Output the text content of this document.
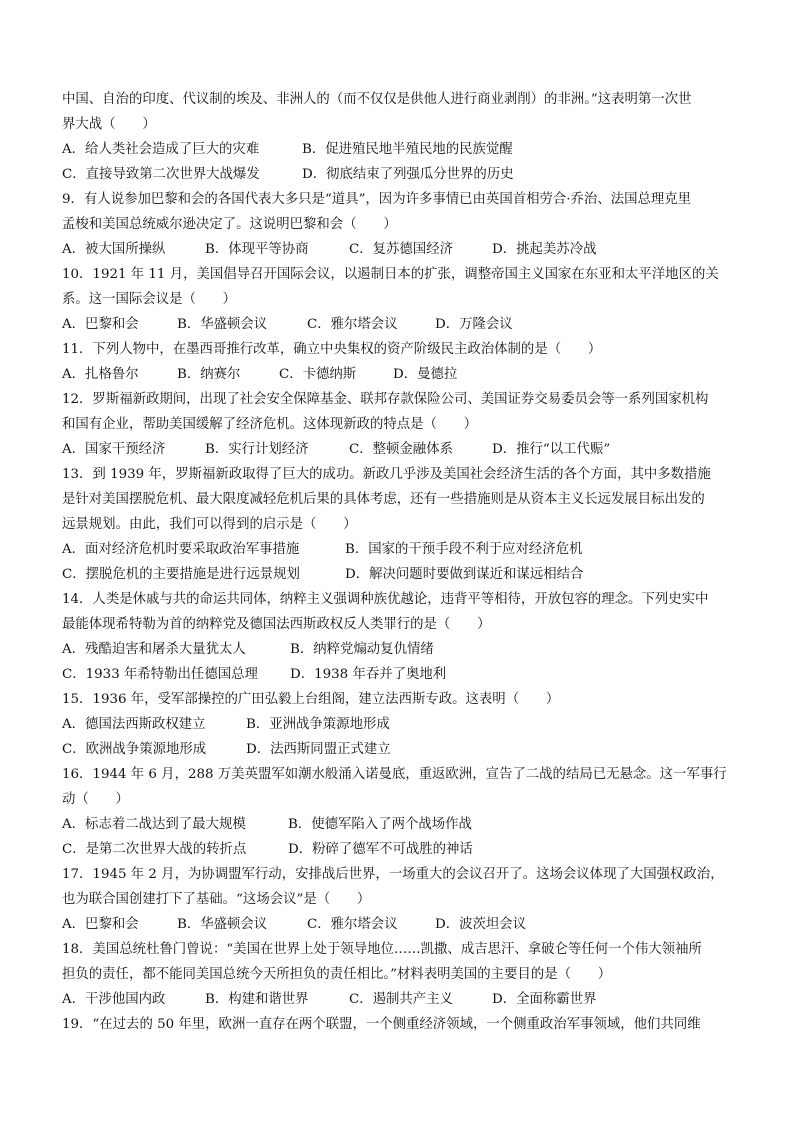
中国、自治的印度、代议制的埃及、非洲人的（而不仅仅是供他人进行商业剥削）的非洲。”这表明第一次世
界大战（　　）
A．给人类社会造成了巨大的灾难	B．促进殖民地半殖民地的民族觉醒
C．直接导致第二次世界大战爆发	D．彻底结束了列强瓜分世界的历史
9．有人说参加巴黎和会的各国代表大多只是“道具”，因为许多事情已由英国首相劳合·乔治、法国总理克里
孟梭和美国总统威尔逊决定了。这说明巴黎和会（　　）
A．被大国所操纵	B．体现平等协商	C．复苏德国经济	D．挑起美苏冷战
10．1921 年 11 月，美国倡导召开国际会议，以遏制日本的扩张，调整帝国主义国家在东亚和太平洋地区的关
系。这一国际会议是（　　）
A．巴黎和会	B．华盛顿会议	C．雅尔塔会议	D．万隆会议
11．下列人物中，在墨西哥推行改革，确立中央集权的资产阶级民主政治体制的是（　　）
A．扎格鲁尔	B．纳赛尔	C．卡德纳斯	D．曼德拉
12．罗斯福新政期间，出现了社会安全保障基金、联邦存款保险公司、美国证券交易委员会等一系列国家机构
和国有企业，帮助美国缓解了经济危机。这体现新政的特点是（　　）
A．国家干预经济	B．实行计划经济	C．整顿金融体系	D．推行“以工代赈”
13．到 1939 年，罗斯福新政取得了巨大的成功。新政几乎涉及美国社会经济生活的各个方面，其中多数措施
是针对美国摆脱危机、最大限度减轻危机后果的具体考虑，还有一些措施则是从资本主义长远发展目标出发的
远景规划。由此，我们可以得到的启示是（　　）
A．面对经济危机时要采取政治军事措施	B．国家的干预手段不利于应对经济危机
C．摆脱危机的主要措施是进行远景规划	D．解决问题时要做到谋近和谋远相结合
14．人类是休戚与共的命运共同体，纳粹主义强调种族优越论，违背平等相待，开放包容的理念。下列史实中
最能体现希特勒为首的纳粹党及德国法西斯政权反人类罪行的是（　　）
A．残酷迫害和屠杀大量犹太人	B．纳粹党煽动复仇情绪
C．1933 年希特勒出任德国总理 D．1938 年吞并了奥地利
15．1936 年，受军部操控的广田弘毅上台组阁，建立法西斯专政。这表明（　　）
A．德国法西斯政权建立	B．亚洲战争策源地形成
C．欧洲战争策源地形成	D．法西斯同盟正式建立
16．1944 年 6 月，288 万美英盟军如潮水般涌入诺曼底，重返欧洲，宣告了二战的结局已无悬念。这一军事行
动（　　）
A．标志着二战达到了最大规模	B．使德军陷入了两个战场作战
C．是第二次世界大战的转折点	D．粉碎了德军不可战胜的神话
17．1945 年 2 月，为协调盟军行动，安排战后世界，一场重大的会议召开了。这场会议体现了大国强权政治，
也为联合国创建打下了基础。“这场会议”是（　　）
A．巴黎和会	B．华盛顿会议	C．雅尔塔会议	D．波茨坦会议
18．美国总统杜鲁门曾说：“美国在世界上处于领导地位……凯撒、成吉思汗、拿破仑等任何一个伟大领袖所
担负的责任，都不能同美国总统今天所担负的责任相比。”材料表明美国的主要目的是（　　）
A．干涉他国内政	B．构建和谐世界	C．遏制共产主义	D．全面称霸世界
19．“在过去的 50 年里，欧洲一直存在两个联盟，一个侧重经济领域，一个侧重政治军事领域，他们共同维
